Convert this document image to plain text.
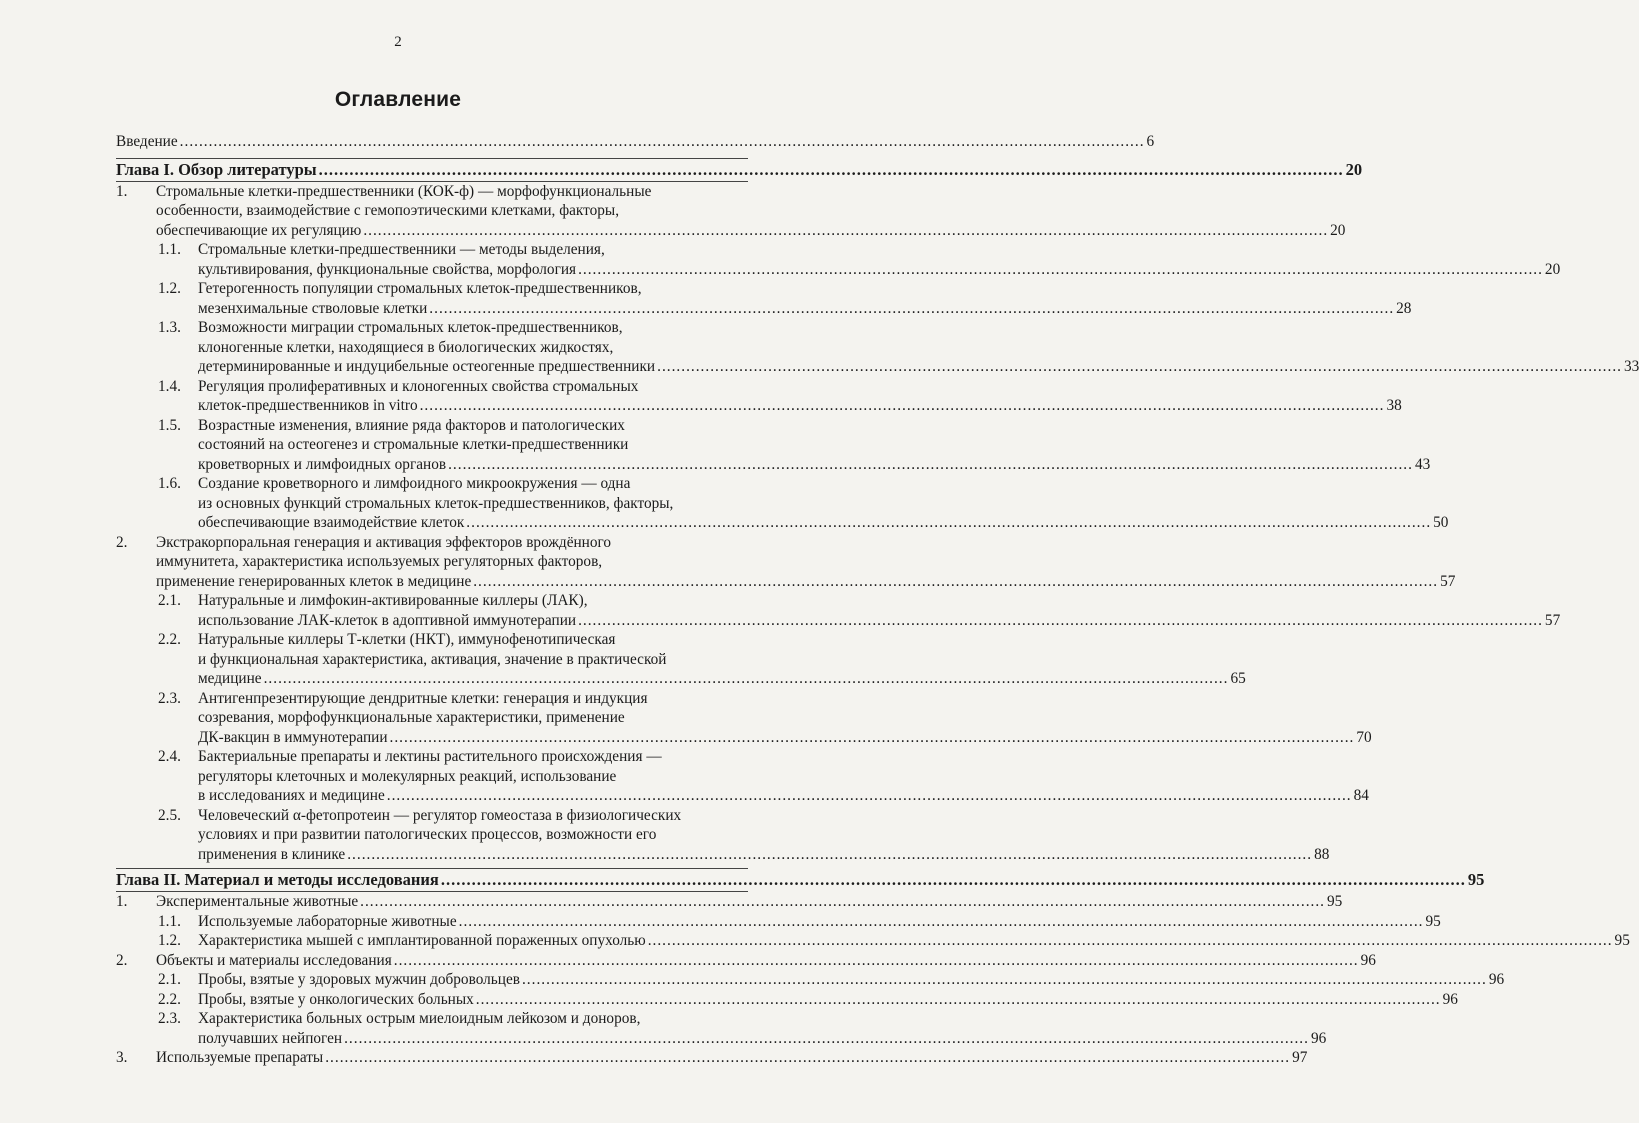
2
Оглавление
Введение ........................................................................................................................................................................................................ 6
Глава I. Обзор литературы ........................................................................................................................................................................................................ 20
1. Стромальные клетки-предшественники (КОК-ф) — морфофункциональные
особенности, взаимодействие с гемопоэтическими клетками, факторы,
обеспечивающие их регуляцию ........................................................................................................................................................................................................ 20
1.1. Стромальные клетки-предшественники — методы выделения,
культивирования, функциональные свойства, морфология ........................................................................................................................................................................................................ 20
1.2. Гетерогенность популяции стромальных клеток-предшественников,
мезенхимальные стволовые клетки ........................................................................................................................................................................................................ 28
1.3. Возможности миграции стромальных клеток-предшественников,
клоногенные клетки, находящиеся в биологических жидкостях,
детерминированные и индуцибельные остеогенные предшественники ........................................................................................................................................................................................................ 33
1.4. Регуляция пролиферативных и клоногенных свойства стромальных
клеток-предшественников in vitro ........................................................................................................................................................................................................ 38
1.5. Возрастные изменения, влияние ряда факторов и патологических
состояний на остеогенез и стромальные клетки-предшественники
кроветворных и лимфоидных органов ........................................................................................................................................................................................................ 43
1.6. Создание кроветворного и лимфоидного микроокружения — одна
из основных функций стромальных клеток-предшественников, факторы,
обеспечивающие взаимодействие клеток ........................................................................................................................................................................................................ 50
2. Экстракорпоральная генерация и активация эффекторов врождённого
иммунитета, характеристика используемых регуляторных факторов,
применение генерированных клеток в медицине ........................................................................................................................................................................................................ 57
2.1. Натуральные и лимфокин-активированные киллеры (ЛАК),
использование ЛАК-клеток в адоптивной иммунотерапии ........................................................................................................................................................................................................ 57
2.2. Натуральные киллеры Т-клетки (НКТ), иммунофенотипическая
и функциональная характеристика, активация, значение в практической
медицине ........................................................................................................................................................................................................ 65
2.3. Антигенпрезентирующие дендритные клетки: генерация и индукция
созревания, морфофункциональные характеристики, применение
ДК-вакцин в иммунотерапии ........................................................................................................................................................................................................ 70
2.4. Бактериальные препараты и лектины растительного происхождения —
регуляторы клеточных и молекулярных реакций, использование
в исследованиях и медицине ........................................................................................................................................................................................................ 84
2.5. Человеческий α-фетопротеин — регулятор гомеостаза в физиологических
условиях и при развитии патологических процессов, возможности его
применения в клинике ........................................................................................................................................................................................................ 88
Глава II. Материал и методы исследования ........................................................................................................................................................................................................ 95
1. Экспериментальные животные ........................................................................................................................................................................................................ 95
1.1. Используемые лабораторные животные ........................................................................................................................................................................................................ 95
1.2. Характеристика мышей с имплантированной пораженных опухолью ........................................................................................................................................................................................................ 95
2. Объекты и материалы исследования ........................................................................................................................................................................................................ 96
2.1. Пробы, взятые у здоровых мужчин добровольцев ........................................................................................................................................................................................................ 96
2.2. Пробы, взятые у онкологических больных ........................................................................................................................................................................................................ 96
2.3. Характеристика больных острым миелоидным лейкозом и доноров,
получавших нейпоген ........................................................................................................................................................................................................ 96
3. Используемые препараты ........................................................................................................................................................................................................ 97
